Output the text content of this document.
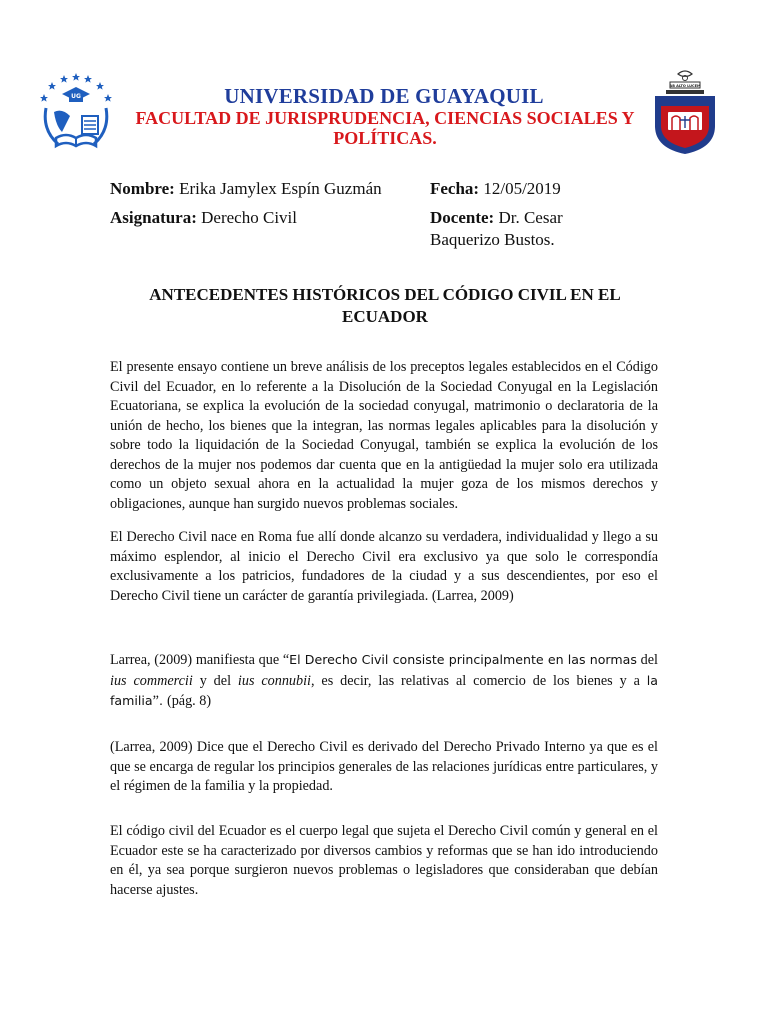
UG
AB ALTO LUCEM
UNIVERSIDAD DE GUAYAQUIL
FACULTAD DE JURISPRUDENCIA, CIENCIAS SOCIALES Y POLÍTICAS.
Nombre: Erika Jamylex Espín Guzmán	Fecha: 12/05/2019
Asignatura: Derecho Civil	Docente: Dr. Cesar
Baquerizo Bustos.
ANTECEDENTES HISTÓRICOS DEL CÓDIGO CIVIL EN EL
ECUADOR

El presente ensayo contiene un breve análisis de los preceptos legales establecidos en el Código Civil del Ecuador, en lo referente a la Disolución de la Sociedad Conyugal en la Legislación Ecuatoriana, se explica la evolución de la sociedad conyugal, matrimonio o declaratoria de la unión de hecho, los bienes que la integran, las normas legales aplicables para la disolución y sobre todo la liquidación de la Sociedad Conyugal, también se explica la evolución de los derechos de la mujer nos podemos dar cuenta que en la antigüedad la mujer solo era utilizada como un objeto sexual ahora en la actualidad la mujer goza de los mismos derechos y obligaciones, aunque han surgido nuevos problemas sociales.

El Derecho Civil nace en Roma fue allí donde alcanzo su verdadera, individualidad y llego a su máximo esplendor, al inicio el Derecho Civil era exclusivo ya que solo le correspondía exclusivamente a los patricios, fundadores de la ciudad y a sus descendientes, por eso el Derecho Civil tiene un carácter de garantía privilegiada. (Larrea, 2009)

Larrea, (2009) manifiesta que “El Derecho Civil consiste principalmente en las normas del ius commercii y del ius connubii, es decir, las relativas al comercio de los bienes y a la familia”. (pág. 8)

(Larrea, 2009) Dice que el Derecho Civil es derivado del Derecho Privado Interno ya que es el que se encarga de regular los principios generales de las relaciones jurídicas entre particulares, y el régimen de la familia y la propiedad.

El código civil del Ecuador es el cuerpo legal que sujeta el Derecho Civil común y general en el Ecuador este se ha caracterizado por diversos cambios y reformas que se han ido introduciendo en él, ya sea porque surgieron nuevos problemas o legisladores que consideraban que debían hacerse ajustes.
